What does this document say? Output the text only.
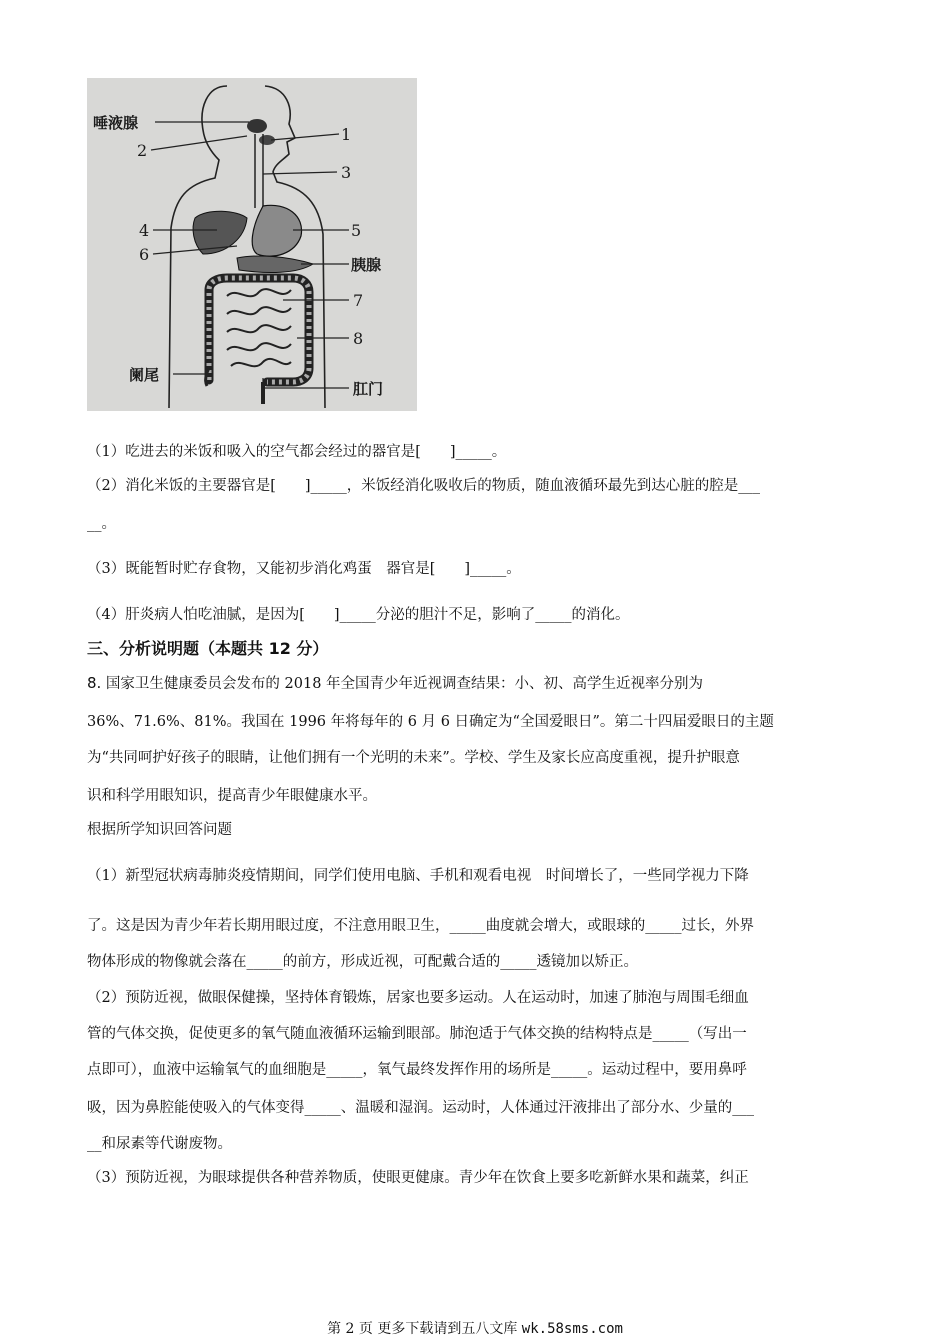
唾液腺
2
1
3
4
6
5
胰腺
7
8
阑尾
肛门
（1）吃进去的米饭和吸入的空气都会经过的器官是[　　]_____。
（2）消化米饭的主要器官是[　　]_____，米饭经消化吸收后的物质，随血液循环最先到达心脏的腔是___
__。
（3）既能暂时贮存食物，又能初步消化鸡蛋　器官是[　　]_____。
（4）肝炎病人怕吃油腻，是因为[　　]_____分泌的胆汁不足，影响了_____的消化。
三、分析说明题（本题共 12 分）
8. 国家卫生健康委员会发布的 2018 年全国青少年近视调查结果：小、初、高学生近视率分别为
36%、71.6%、81%。我国在 1996 年将每年的 6 月 6 日确定为“全国爱眼日”。第二十四届爱眼日的主题
为“共同呵护好孩子的眼睛，让他们拥有一个光明的未来”。学校、学生及家长应高度重视，提升护眼意
识和科学用眼知识，提高青少年眼健康水平。
根据所学知识回答问题
（1）新型冠状病毒肺炎疫情期间，同学们使用电脑、手机和观看电视　时间增长了，一些同学视力下降
了。这是因为青少年若长期用眼过度，不注意用眼卫生，_____曲度就会增大，或眼球的_____过长，外界
物体形成的物像就会落在_____的前方，形成近视，可配戴合适的_____透镜加以矫正。
（2）预防近视，做眼保健操，坚持体育锻炼，居家也要多运动。人在运动时，加速了肺泡与周围毛细血
管的气体交换，促使更多的氧气随血液循环运输到眼部。肺泡适于气体交换的结构特点是_____（写出一
点即可），血液中运输氧气的血细胞是_____，氧气最终发挥作用的场所是_____。运动过程中，要用鼻呼
吸，因为鼻腔能使吸入的气体变得_____、温暖和湿润。运动时，人体通过汗液排出了部分水、少量的___
__和尿素等代谢废物。
（3）预防近视，为眼球提供各种营养物质，使眼更健康。青少年在饮食上要多吃新鲜水果和蔬菜，纠正
第 2 页 更多下载请到五八文库 wk.58sms.com
